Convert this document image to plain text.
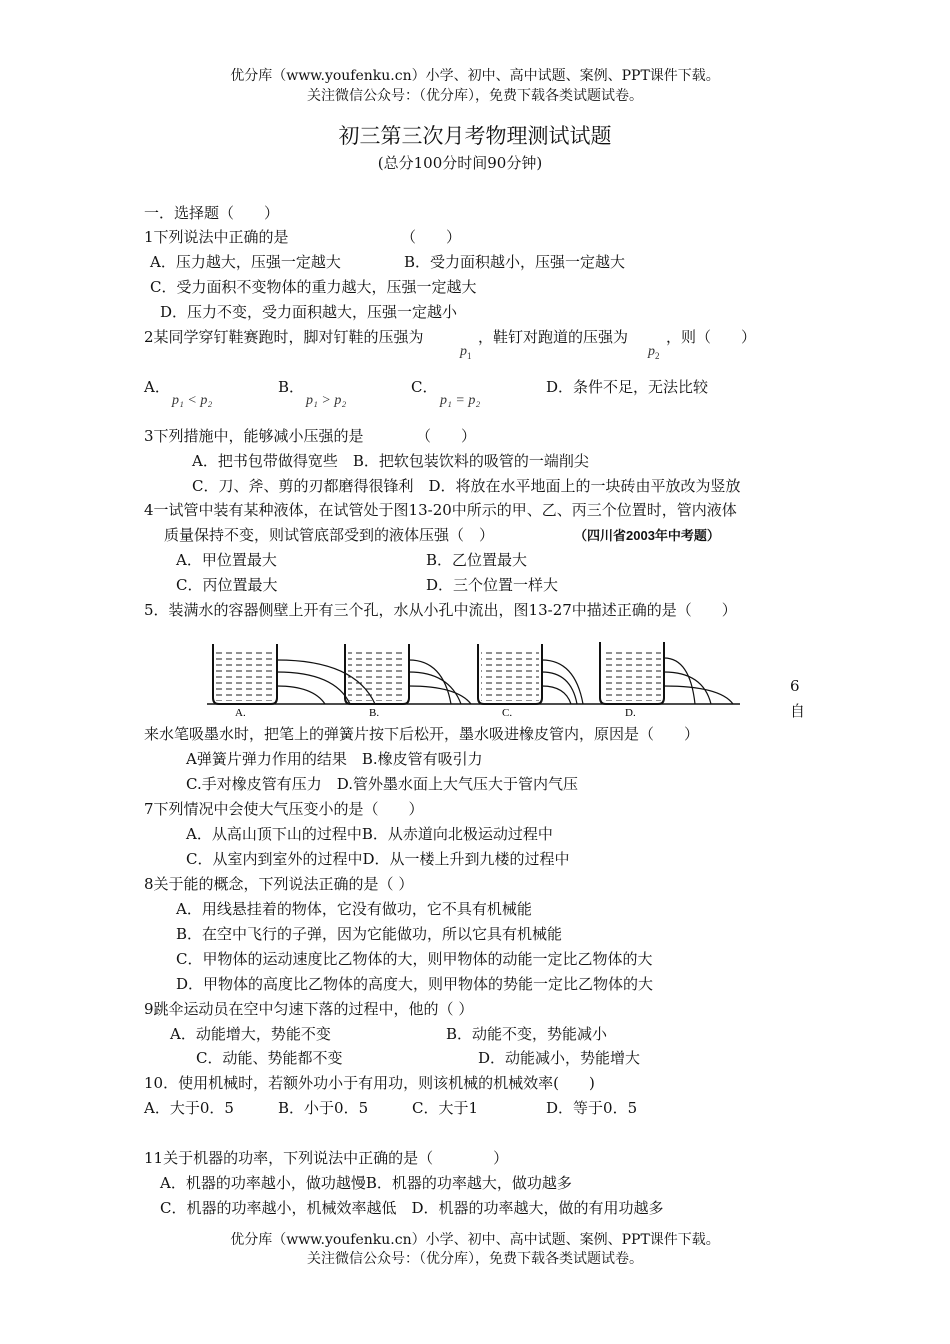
优分库（www.youfenku.cn）小学、初中、高中试题、案例、PPT课件下载。
关注微信公众号：（优分库），免费下载各类试题试卷。
初三第三次月考物理测试试题
(总分100分时间90分钟)
一．选择题（　　）
1下列说法中正确的是　　　　　　　　（　　）
A．压力越大，压强一定越大	B．受力面积越小，压强一定越大
C．受力面积不变物体的重力越大，压强一定越大
D．压力不变，受力面积越大，压强一定越小
2某同学穿钉鞋赛跑时，脚对钉鞋的压强为
$p_1$
，鞋钉对跑道的压强为
$p_2$
，则（　　）
A．
p₁ < p₂
B．
p₁ > p₂
C．
p₁ = p₂
D．条件不足，无法比较
3下列措施中，能够减小压强的是　　　　（　　）
A．把书包带做得宽些　B．把软包装饮料的吸管的一端削尖
C．刀、斧、剪的刃都磨得很锋利　D．将放在水平地面上的一块砖由平放改为竖放
4一试管中装有某种液体，在试管处于图13-20中所示的甲、乙、丙三个位置时，管内液体
质量保持不变，则试管底部受到的液体压强（　）	（四川省2003年中考题）
A．甲位置最大	B．乙位置最大
C．丙位置最大	D．三个位置一样大
5．装满水的容器侧壁上开有三个孔，水从小孔中流出，图13-27中描述正确的是（　　）
A.	B.	C.	D.
6
自
来水笔吸墨水时，把笔上的弹簧片按下后松开，墨水吸进橡皮管内，原因是（　　）
A弹簧片弹力作用的结果　B.橡皮管有吸引力
C.手对橡皮管有压力　D.管外墨水面上大气压大于管内气压
7下列情况中会使大气压变小的是（　　）
A．从高山顶下山的过程中B．从赤道向北极运动过程中
C．从室内到室外的过程中D．从一楼上升到九楼的过程中
8关于能的概念，下列说法正确的是（ ）
A．用线悬挂着的物体，它没有做功，它不具有机械能
B．在空中飞行的子弹，因为它能做功，所以它具有机械能
C．甲物体的运动速度比乙物体的大，则甲物体的动能一定比乙物体的大
D．甲物体的高度比乙物体的高度大，则甲物体的势能一定比乙物体的大
9跳伞运动员在空中匀速下落的过程中，他的（ ）
A．动能增大，势能不变	B．动能不变，势能减小
C．动能、势能都不变	D．动能减小，势能增大
10．使用机械时，若额外功小于有用功，则该机械的机械效率(　　)
A．大于0．5	B．小于0．5	C．大于1	D．等于0．5
11关于机器的功率，下列说法中正确的是（　　　　）
A．机器的功率越小，做功越慢B．机器的功率越大，做功越多
C．机器的功率越小，机械效率越低　D．机器的功率越大，做的有用功越多
优分库（www.youfenku.cn）小学、初中、高中试题、案例、PPT课件下载。
关注微信公众号：（优分库），免费下载各类试题试卷。
